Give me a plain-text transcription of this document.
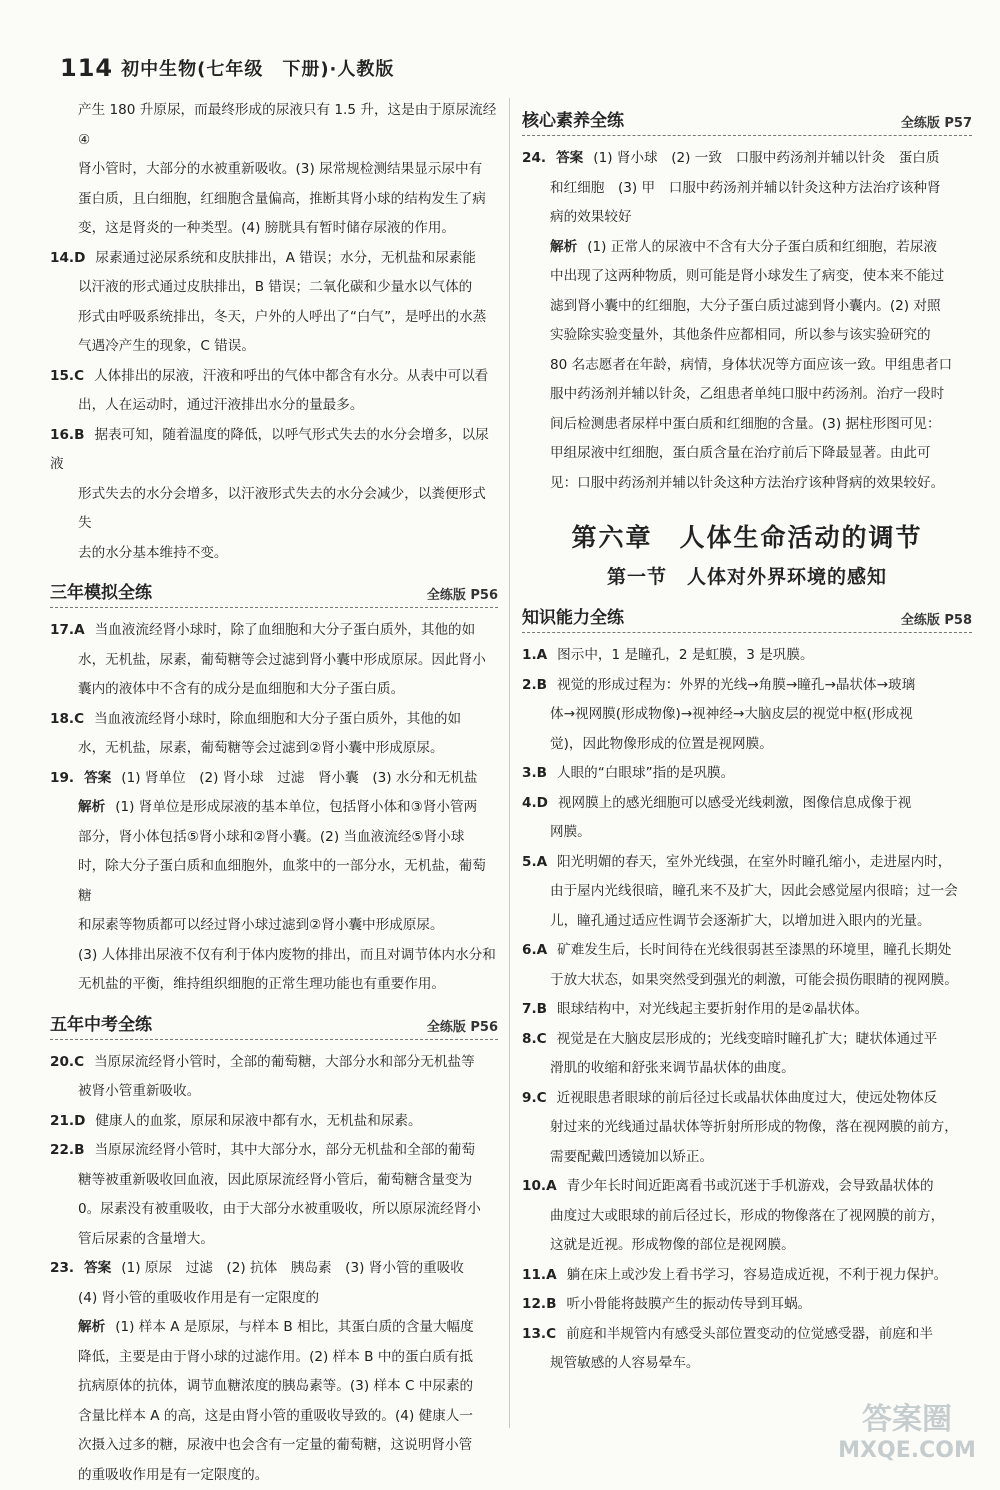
114 初中生物(七年级　下册)·人教版

产生 180 升原尿，而最终形成的尿液只有 1.5 升，这是由于原尿流经④

肾小管时，大部分的水被重新吸收。(3) 尿常规检测结果显示尿中有

蛋白质，且白细胞，红细胞含量偏高，推断其肾小球的结构发生了病

变，这是肾炎的一种类型。(4) 膀胱具有暂时储存尿液的作用。

14.D 尿素通过泌尿系统和皮肤排出，A 错误；水分，无机盐和尿素能

以汗液的形式通过皮肤排出，B 错误；二氧化碳和少量水以气体的

形式由呼吸系统排出，冬天，户外的人呼出了“白气”，是呼出的水蒸

气遇冷产生的现象，C 错误。

15.C 人体排出的尿液，汗液和呼出的气体中都含有水分。从表中可以看

出，人在运动时，通过汗液排出水分的量最多。

16.B 据表可知，随着温度的降低，以呼气形式失去的水分会增多，以尿液

形式失去的水分会增多，以汗液形式失去的水分会减少，以粪便形式失

去的水分基本维持不变。

三年模拟全练	全练版 P56

17.A 当血液流经肾小球时，除了血细胞和大分子蛋白质外，其他的如

水，无机盐，尿素，葡萄糖等会过滤到肾小囊中形成原尿。因此肾小

囊内的液体中不含有的成分是血细胞和大分子蛋白质。

18.C 当血液流经肾小球时，除血细胞和大分子蛋白质外，其他的如

水，无机盐，尿素，葡萄糖等会过滤到②肾小囊中形成原尿。

19. 答案 (1) 肾单位　(2) 肾小球　过滤　肾小囊　(3) 水分和无机盐

解析 (1) 肾单位是形成尿液的基本单位，包括肾小体和③肾小管两

部分，肾小体包括⑤肾小球和②肾小囊。(2) 当血液流经⑤肾小球

时，除大分子蛋白质和血细胞外，血浆中的一部分水，无机盐，葡萄糖

和尿素等物质都可以经过肾小球过滤到②肾小囊中形成原尿。

(3) 人体排出尿液不仅有利于体内废物的排出，而且对调节体内水分和

无机盐的平衡，维持组织细胞的正常生理功能也有重要作用。

五年中考全练	全练版 P56

20.C 当原尿流经肾小管时，全部的葡萄糖，大部分水和部分无机盐等

被肾小管重新吸收。

21.D 健康人的血浆，原尿和尿液中都有水，无机盐和尿素。

22.B 当原尿流经肾小管时，其中大部分水，部分无机盐和全部的葡萄

糖等被重新吸收回血液，因此原尿流经肾小管后，葡萄糖含量变为

0。尿素没有被重吸收，由于大部分水被重吸收，所以原尿流经肾小

管后尿素的含量增大。

23. 答案 (1) 原尿　过滤　(2) 抗体　胰岛素　(3) 肾小管的重吸收

(4) 肾小管的重吸收作用是有一定限度的

解析 (1) 样本 A 是原尿，与样本 B 相比，其蛋白质的含量大幅度

降低，主要是由于肾小球的过滤作用。(2) 样本 B 中的蛋白质有抵

抗病原体的抗体，调节血糖浓度的胰岛素等。(3) 样本 C 中尿素的

含量比样本 A 的高，这是由肾小管的重吸收导致的。(4) 健康人一

次摄入过多的糖，尿液中也会含有一定量的葡萄糖，这说明肾小管

的重吸收作用是有一定限度的。

核心素养全练	全练版 P57

24. 答案 (1) 肾小球　(2) 一致　口服中药汤剂并辅以针灸　蛋白质

和红细胞　(3) 甲　口服中药汤剂并辅以针灸这种方法治疗该种肾

病的效果较好

解析 (1) 正常人的尿液中不含有大分子蛋白质和红细胞，若尿液

中出现了这两种物质，则可能是肾小球发生了病变，使本来不能过

滤到肾小囊中的红细胞，大分子蛋白质过滤到肾小囊内。(2) 对照

实验除实验变量外，其他条件应都相同，所以参与该实验研究的

80 名志愿者在年龄，病情，身体状况等方面应该一致。甲组患者口

服中药汤剂并辅以针灸，乙组患者单纯口服中药汤剂。治疗一段时

间后检测患者尿样中蛋白质和红细胞的含量。(3) 据柱形图可见：

甲组尿液中红细胞，蛋白质含量在治疗前后下降最显著。由此可

见：口服中药汤剂并辅以针灸这种方法治疗该种肾病的效果较好。

第六章　人体生命活动的调节
第一节　人体对外界环境的感知
知识能力全练	全练版 P58

1.A 图示中，1 是瞳孔，2 是虹膜，3 是巩膜。

2.B 视觉的形成过程为：外界的光线→角膜→瞳孔→晶状体→玻璃

体→视网膜(形成物像)→视神经→大脑皮层的视觉中枢(形成视

觉)，因此物像形成的位置是视网膜。

3.B 人眼的“白眼球”指的是巩膜。

4.D 视网膜上的感光细胞可以感受光线刺激，图像信息成像于视

网膜。

5.A 阳光明媚的春天，室外光线强，在室外时瞳孔缩小，走进屋内时，

由于屋内光线很暗，瞳孔来不及扩大，因此会感觉屋内很暗；过一会

儿，瞳孔通过适应性调节会逐渐扩大，以增加进入眼内的光量。

6.A 矿难发生后，长时间待在光线很弱甚至漆黑的环境里，瞳孔长期处

于放大状态，如果突然受到强光的刺激，可能会损伤眼睛的视网膜。

7.B 眼球结构中，对光线起主要折射作用的是②晶状体。

8.C 视觉是在大脑皮层形成的；光线变暗时瞳孔扩大；睫状体通过平

滑肌的收缩和舒张来调节晶状体的曲度。

9.C 近视眼患者眼球的前后径过长或晶状体曲度过大，使远处物体反

射过来的光线通过晶状体等折射所形成的物像，落在视网膜的前方，

需要配戴凹透镜加以矫正。

10.A 青少年长时间近距离看书或沉迷于手机游戏，会导致晶状体的

曲度过大或眼球的前后径过长，形成的物像落在了视网膜的前方，

这就是近视。形成物像的部位是视网膜。

11.A 躺在床上或沙发上看书学习，容易造成近视，不利于视力保护。

12.B 听小骨能将鼓膜产生的振动传导到耳蜗。

13.C 前庭和半规管内有感受头部位置变动的位觉感受器，前庭和半

规管敏感的人容易晕车。

答案圈
MXQE.COM
